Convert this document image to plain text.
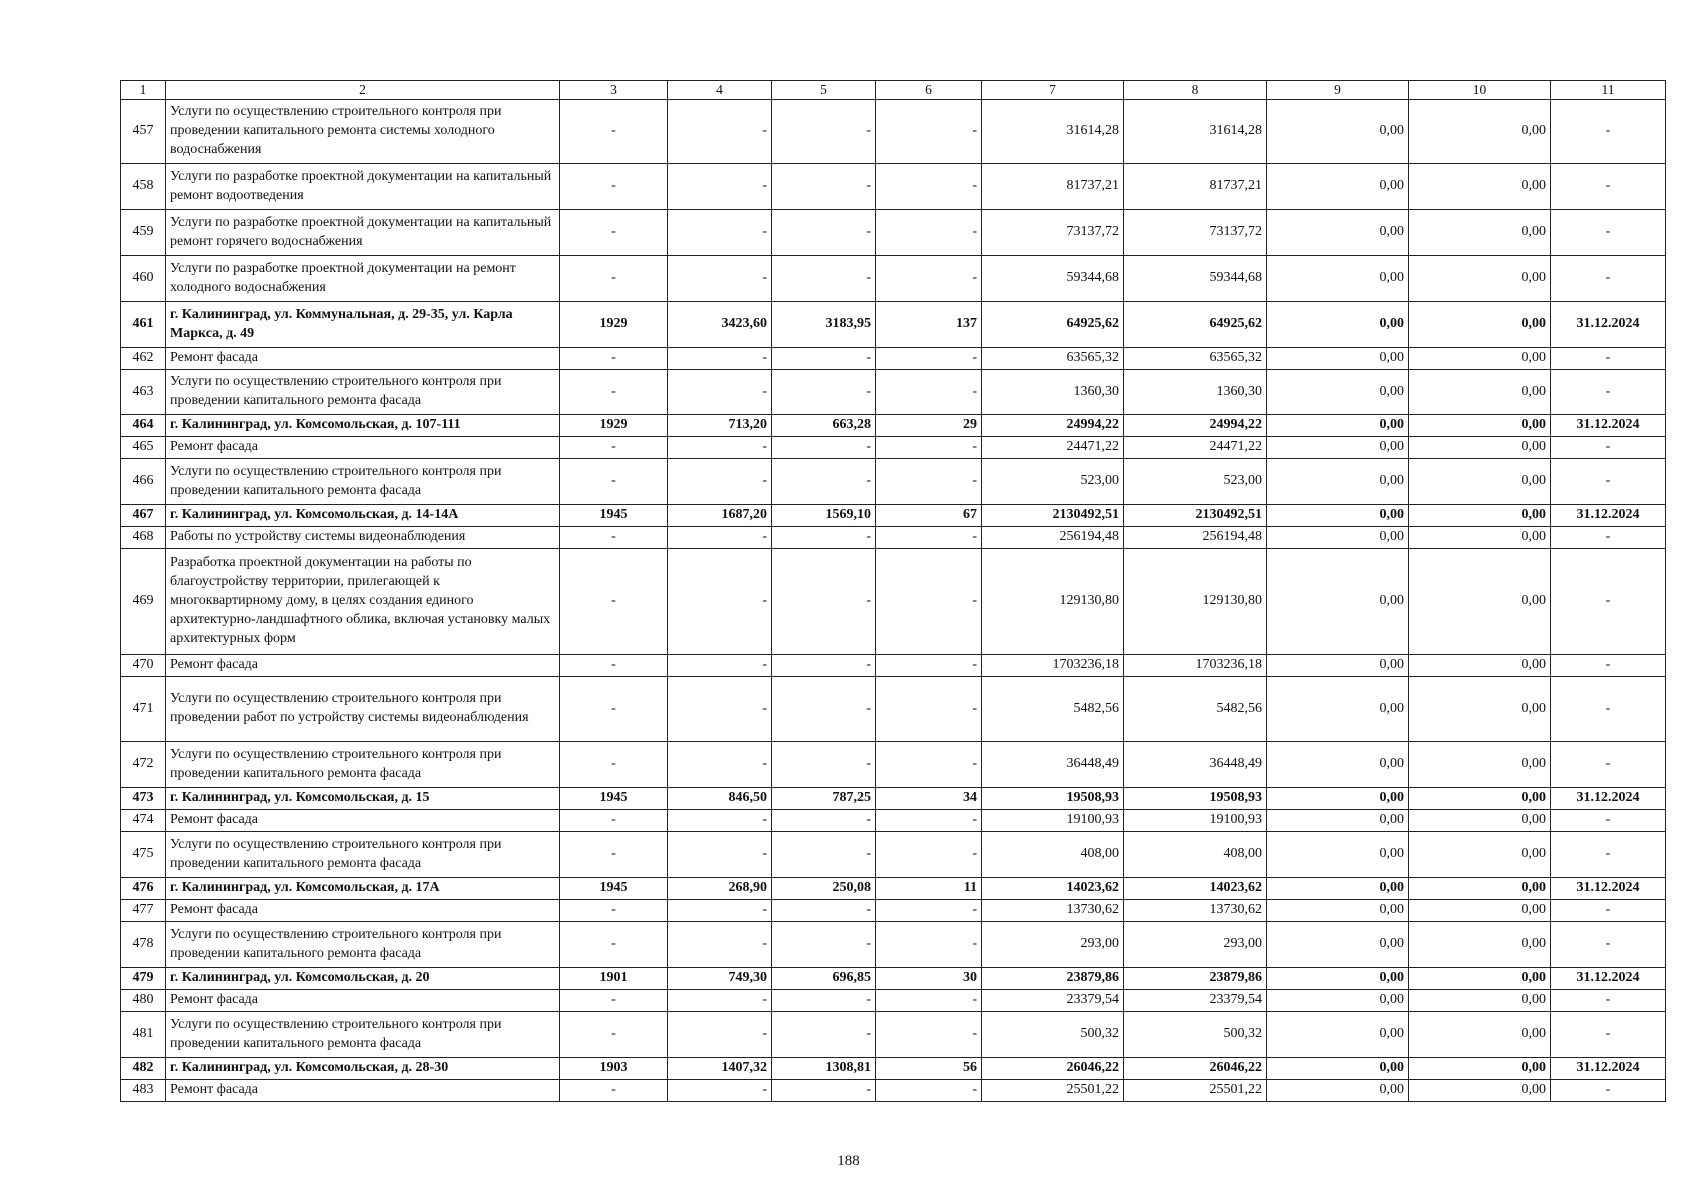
1	2	3	4	5	6	7	8	9	10	11
457	Услуги по осуществлению строительного контроля при проведении капитального ремонта системы холодного водоснабжения	-	-	-	-	31614,28	31614,28	0,00	0,00	-
458	Услуги по разработке проектной документации на капитальный ремонт водоотведения	-	-	-	-	81737,21	81737,21	0,00	0,00	-
459	Услуги по разработке проектной документации на капитальный ремонт горячего водоснабжения	-	-	-	-	73137,72	73137,72	0,00	0,00	-
460	Услуги по разработке проектной документации на ремонт холодного водоснабжения	-	-	-	-	59344,68	59344,68	0,00	0,00	-
461	г. Калининград, ул. Коммунальная, д. 29-35, ул. Карла Маркса, д. 49	1929	3423,60	3183,95	137	64925,62	64925,62	0,00	0,00	31.12.2024
462	Ремонт фасада	-	-	-	-	63565,32	63565,32	0,00	0,00	-
463	Услуги по осуществлению строительного контроля при проведении капитального ремонта фасада	-	-	-	-	1360,30	1360,30	0,00	0,00	-
464	г. Калининград, ул. Комсомольская, д. 107-111	1929	713,20	663,28	29	24994,22	24994,22	0,00	0,00	31.12.2024
465	Ремонт фасада	-	-	-	-	24471,22	24471,22	0,00	0,00	-
466	Услуги по осуществлению строительного контроля при проведении капитального ремонта фасада	-	-	-	-	523,00	523,00	0,00	0,00	-
467	г. Калининград, ул. Комсомольская, д. 14-14А	1945	1687,20	1569,10	67	2130492,51	2130492,51	0,00	0,00	31.12.2024
468	Работы по устройству системы видеонаблюдения	-	-	-	-	256194,48	256194,48	0,00	0,00	-
469	Разработка проектной документации на работы по благоустройству территории, прилегающей к многоквартирному дому, в целях создания единого архитектурно-ландшафтного облика, включая установку малых архитектурных форм	-	-	-	-	129130,80	129130,80	0,00	0,00	-
470	Ремонт фасада	-	-	-	-	1703236,18	1703236,18	0,00	0,00	-
471	Услуги по осуществлению строительного контроля при проведении работ по устройству системы видеонаблюдения	-	-	-	-	5482,56	5482,56	0,00	0,00	-
472	Услуги по осуществлению строительного контроля при проведении капитального ремонта фасада	-	-	-	-	36448,49	36448,49	0,00	0,00	-
473	г. Калининград, ул. Комсомольская, д. 15	1945	846,50	787,25	34	19508,93	19508,93	0,00	0,00	31.12.2024
474	Ремонт фасада	-	-	-	-	19100,93	19100,93	0,00	0,00	-
475	Услуги по осуществлению строительного контроля при проведении капитального ремонта фасада	-	-	-	-	408,00	408,00	0,00	0,00	-
476	г. Калининград, ул. Комсомольская, д. 17А	1945	268,90	250,08	11	14023,62	14023,62	0,00	0,00	31.12.2024
477	Ремонт фасада	-	-	-	-	13730,62	13730,62	0,00	0,00	-
478	Услуги по осуществлению строительного контроля при проведении капитального ремонта фасада	-	-	-	-	293,00	293,00	0,00	0,00	-
479	г. Калининград, ул. Комсомольская, д. 20	1901	749,30	696,85	30	23879,86	23879,86	0,00	0,00	31.12.2024
480	Ремонт фасада	-	-	-	-	23379,54	23379,54	0,00	0,00	-
481	Услуги по осуществлению строительного контроля при проведении капитального ремонта фасада	-	-	-	-	500,32	500,32	0,00	0,00	-
482	г. Калининград, ул. Комсомольская, д. 28-30	1903	1407,32	1308,81	56	26046,22	26046,22	0,00	0,00	31.12.2024
483	Ремонт фасада	-	-	-	-	25501,22	25501,22	0,00	0,00	-
188
